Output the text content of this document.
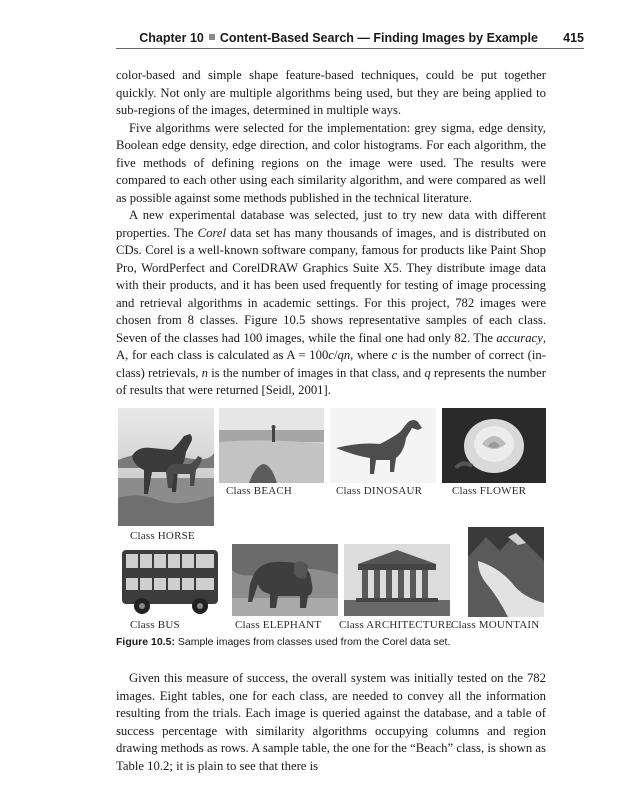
Chapter 10 Content-Based Search — Finding Images by Example 415

color-based and simple shape feature-based techniques, could be put together quickly. Not only are multiple algorithms being used, but they are being applied to sub-regions of the images, determined in multiple ways.

Five algorithms were selected for the implementation: grey sigma, edge density, Boolean edge density, edge direction, and color histograms. For each algorithm, the five methods of defining regions on the image were used. The results were compared to each other using each similarity algorithm, and were compared as well as possible against some methods published in the technical literature.

A new experimental database was selected, just to try new data with different properties. The Corel data set has many thousands of images, and is distributed on CDs. Corel is a well-known software company, famous for products like Paint Shop Pro, WordPerfect and CorelDRAW Graphics Suite X5. They distribute image data with their products, and it has been used frequently for testing of image processing and retrieval algorithms in academic settings. For this project, 782 images were chosen from 8 classes. Figure 10.5 shows representative samples of each class. Seven of the classes had 100 images, while the final one had only 82. The accuracy, A, for each class is calculated as A = 100c/qn, where c is the number of correct (in-class) retrievals, n is the number of images in that class, and q represents the number of results that were returned [Seidl, 2001].

Class HORSE
Class BEACH	Class DINOSAUR	Class FLOWER
Class BUS	Class ELEPHANT Class ARCHITECTURE
Class MOUNTAIN
Figure 10.5: Sample images from classes used from the Corel data set.

Given this measure of success, the overall system was initially tested on the 782 images. Eight tables, one for each class, are needed to convey all the information resulting from the trials. Each image is queried against the database, and a table of success percentage with similarity algorithms occupying columns and region drawing methods as rows. A sample table, the one for the “Beach” class, is shown as Table 10.2; it is plain to see that there is
